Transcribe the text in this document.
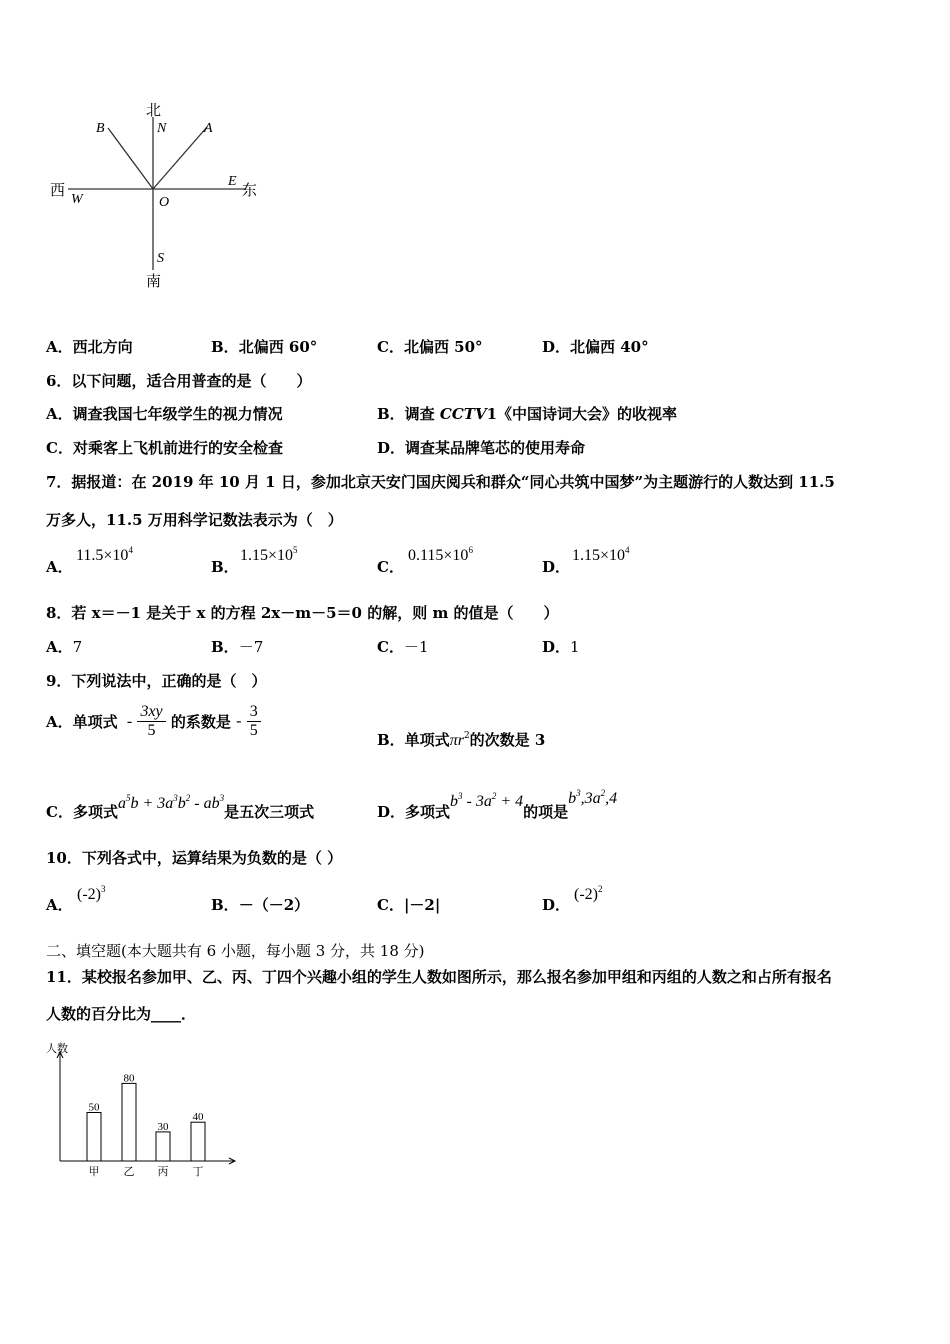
北
N	A
B
西
W	O
E
东
S
南
A．西北方向	B．北偏西 60°	C．北偏西 50°	D．北偏西 40°
6．以下问题，适合用普查的是（　　）
A．调查我国七年级学生的视力情况	B．调查 CCTV1《中国诗词大会》的收视率
C．对乘客上飞机前进行的安全检查	D．调查某品牌笔芯的使用寿命
7．据报道：在 2019 年 10 月 1 日，参加北京天安门国庆阅兵和群众“同心共筑中国梦”为主题游行的人数达到 11.5
万多人，11.5 万用科学记数法表示为（　）
A．
$11.5\times 10^4$
B．
$1.15\times 10^5$
C．
$0.115\times 10^6$
D．
$1.15\times 10^4$
8．若 x＝－1 是关于 x 的方程 2x－m－5＝0 的解，则 m 的值是（　　）
A．7	B．－7	C．－1	D．1
9．下列说法中，正确的是（　）
A．单项式 - $\frac{3xy}{5}$ 的系数是 - $\frac{3}{5}$	B．单项式$\pi r^2$的次数是 3
C．多项式$a^5b + 3a^3b^2 - ab^3$是五次三项式	D．多项式$b^3 - 3a^2 + 4$的项是$b^3,3a^2,4$
10．下列各式中，运算结果为负数的是（ ）
A．
$(-2)^3$
B．－（－2）	C．|－2|	D．
$(-2)^2$
二、填空题(本大题共有 6 小题，每小题 3 分，共 18 分)
11．某校报名参加甲、乙、丙、丁四个兴趣小组的学生人数如图所示，那么报名参加甲组和丙组的人数之和占所有报名
人数的百分比为____．
人数
50
甲
80
乙
30
丙
40
丁
